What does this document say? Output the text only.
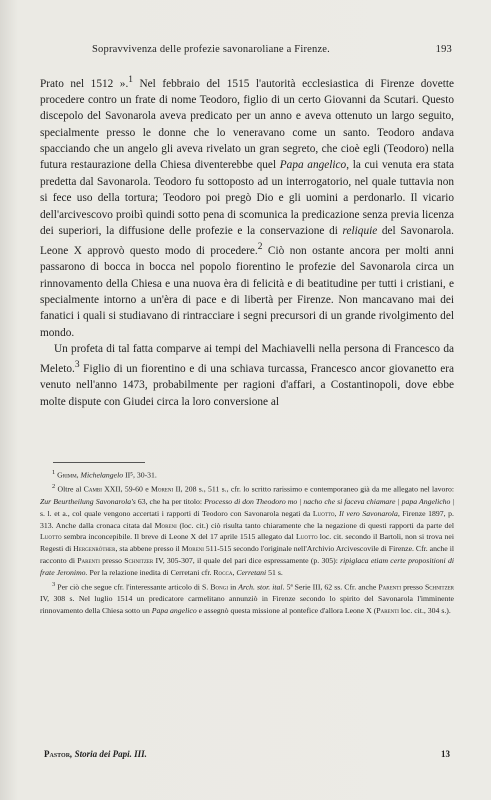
Sopravvivenza delle profezie savonaroliane a Firenze.	193

Prato nel 1512 ».$^1$ Nel febbraio del 1515 l'autorità ecclesiastica di Firenze dovette procedere contro un frate di nome Teodoro, figlio di un certo Giovanni da Scutari. Questo discepolo del Savonarola aveva predicato per un anno e aveva ottenuto un largo seguito, specialmente presso le donne che lo veneravano come un santo. Teodoro andava spacciando che un angelo gli aveva rivelato un gran segreto, che cioè egli (Teodoro) nella futura restaurazione della Chiesa diventerebbe quel Papa angelico, la cui venuta era stata predetta dal Savonarola. Teodoro fu sottoposto ad un interrogatorio, nel quale tuttavia non si fece uso della tortura; Teodoro poi pregò Dio e gli uomini a perdonarlo. Il vicario dell'arcivescovo proibì quindi sotto pena di scomunica la predicazione senza previa licenza dei superiori, la diffusione delle profezie e la conservazione di reliquie del Savonarola. Leone X approvò questo modo di procedere.$^2$ Ciò non ostante ancora per molti anni passarono di bocca in bocca nel popolo fiorentino le profezie del Savonarola circa un rinnovamento della Chiesa e una nuova èra di felicità e di beatitudine per tutti i cristiani, e specialmente intorno a un'èra di pace e di libertà per Firenze. Non mancavano mai dei fanatici i quali si studiavano di rintracciare i segni precursori di un grande rivolgimento del mondo.

Un profeta di tal fatta comparve ai tempi del Machiavelli nella persona di Francesco da Meleto.$^3$ Figlio di un fiorentino e di una schiava turcassa, Francesco ancor giovanetto era venuto nell'anno 1473, probabilmente per ragioni d'affari, a Costantinopoli, dove ebbe molte dispute con Giudei circa la loro conversione al

$^1$ Grimm, Michelangelo II⁵, 30-31.

$^2$ Oltre al Cambi XXII, 59-60 e Moreni II, 208 s., 511 s., cfr. lo scritto rarissimo e contemporaneo già da me allegato nel lavoro: Zur Beurtheilung Savonarola's 63, che ha per titolo: Processo di don Theodoro mo | nacho che si faceva chiamare | papa Angelicho | s. l. et a., col quale vengono accertati i rapporti di Teodoro con Savonarola negati da Luotto, Il vero Savonarola, Firenze 1897, p. 313. Anche dalla cronaca citata dal Moreni (loc. cit.) ciò risulta tanto chiaramente che la negazione di questi rapporti da parte del Luotto sembra inconcepibile. Il breve di Leone X del 17 aprile 1515 allegato dal Luotto loc. cit. secondo il Bartoli, non si trova nei Regesti di Hergenröther, sta abbene presso il Moreni 511-515 secondo l'originale nell'Archivio Arcivescovile di Firenze. Cfr. anche il racconto di Parenti presso Schnitzer IV, 305-307, il quale del pari dice espressamente (p. 305): ripiglaca etiam certe propositioni di frate Jeronimo. Per la relazione inedita di Cerretani cfr. Rocca, Cerretani 51 s.

$^3$ Per ciò che segue cfr. l'interessante articolo di S. Bongi in Arch. stor. ital. 5ª Serie III, 62 ss. Cfr. anche Parenti presso Schnitzer IV, 308 s. Nel luglio 1514 un predicatore carmelitano annunziò in Firenze secondo lo spirito del Savonarola l'imminente rinnovamento della Chiesa sotto un Papa angelico e assegnò questa missione al pontefice d'allora Leone X (Parenti loc. cit., 304 s.).

Pastor, Storia dei Papi. III.	13
